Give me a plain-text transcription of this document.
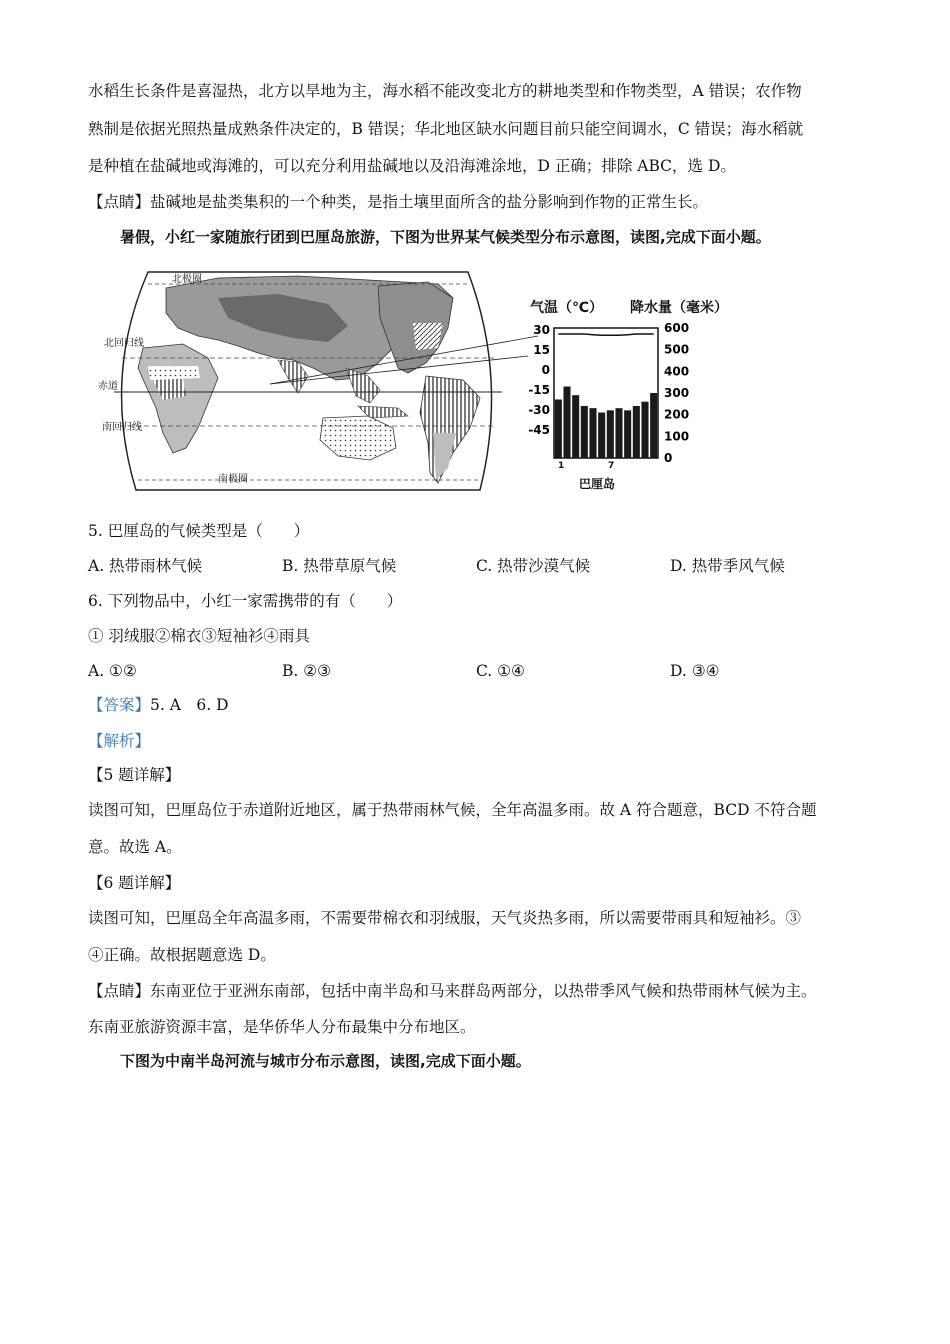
水稻生长条件是喜湿热，北方以旱地为主，海水稻不能改变北方的耕地类型和作物类型，A 错误；农作物
熟制是依据光照热量成熟条件决定的，B 错误；华北地区缺水问题目前只能空间调水，C 错误；海水稻就
是种植在盐碱地或海滩的，可以充分利用盐碱地以及沿海滩涂地，D 正确；排除 ABC，选 D。
【点睛】盐碱地是盐类集积的一个种类，是指土壤里面所含的盐分影响到作物的正常生长。
暑假，小红一家随旅行团到巴厘岛旅游，下图为世界某气候类型分布示意图，读图,完成下面小题。
北极圈
北回归线
赤道
南回归线
南极圈
气温（℃） 降水量（毫米）
30
15
0
-15
-30
-45
600
500
400
300
200
100
0
1	7
巴厘岛
5. 巴厘岛的气候类型是（　　）
A. 热带雨林气候	B. 热带草原气候	C. 热带沙漠气候	D. 热带季风气候
6. 下列物品中，小红一家需携带的有（　　）
① 羽绒服②棉衣③短袖衫④雨具
A. ①②	B. ②③	C. ①④	D. ③④
【答案】5. A　6. D
【解析】
【5 题详解】
读图可知，巴厘岛位于赤道附近地区，属于热带雨林气候，全年高温多雨。故 A 符合题意，BCD 不符合题
意。故选 A。
【6 题详解】
读图可知，巴厘岛全年高温多雨，不需要带棉衣和羽绒服，天气炎热多雨，所以需要带雨具和短袖衫。③
④正确。故根据题意选 D。
【点睛】东南亚位于亚洲东南部，包括中南半岛和马来群岛两部分，以热带季风气候和热带雨林气候为主。
东南亚旅游资源丰富，是华侨华人分布最集中分布地区。
下图为中南半岛河流与城市分布示意图，读图,完成下面小题。
